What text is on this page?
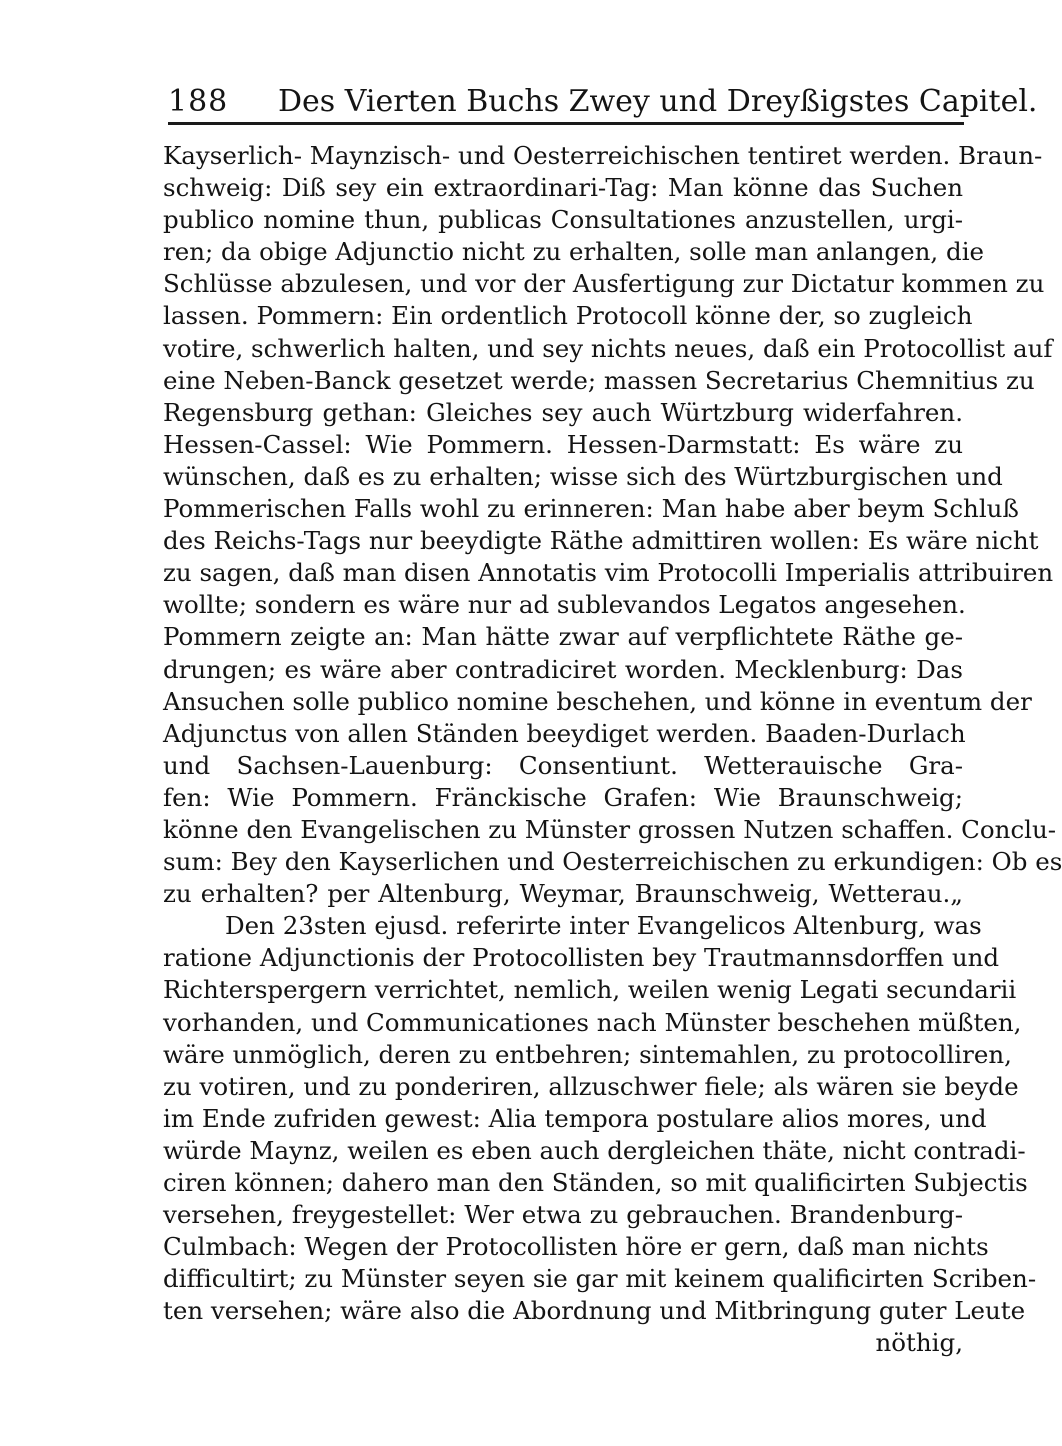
188 Des Vierten Buchs Zwey und Dreyßigstes Capitel.
Kayserlich- Maynzisch- und Oesterreichischen tentiret werden. Braun-
schweig: Diß sey ein extraordinari-Tag: Man könne das Suchen
publico nomine thun, publicas Consultationes anzustellen, urgi-
ren; da obige Adjunctio nicht zu erhalten, solle man anlangen, die
Schlüsse abzulesen, und vor der Ausfertigung zur Dictatur kommen zu
lassen. Pommern: Ein ordentlich Protocoll könne der, so zugleich
votire, schwerlich halten, und sey nichts neues, daß ein Protocollist auf
eine Neben-Banck gesetzet werde; massen Secretarius Chemnitius zu
Regensburg gethan: Gleiches sey auch Würtzburg widerfahren.
Hessen-Cassel: Wie Pommern. Hessen-Darmstatt: Es wäre zu
wünschen, daß es zu erhalten; wisse sich des Würtzburgischen und
Pommerischen Falls wohl zu erinneren: Man habe aber beym Schluß
des Reichs-Tags nur beeydigte Räthe admittiren wollen: Es wäre nicht
zu sagen, daß man disen Annotatis vim Protocolli Imperialis attribuiren
wollte; sondern es wäre nur ad sublevandos Legatos angesehen.
Pommern zeigte an: Man hätte zwar auf verpflichtete Räthe ge-
drungen; es wäre aber contradiciret worden. Mecklenburg: Das
Ansuchen solle publico nomine beschehen, und könne in eventum der
Adjunctus von allen Ständen beeydiget werden. Baaden-Durlach
und Sachsen-Lauenburg: Consentiunt. Wetterauische Gra-
fen: Wie Pommern. Fränckische Grafen: Wie Braunschweig;
könne den Evangelischen zu Münster grossen Nutzen schaffen. Conclu-
sum: Bey den Kayserlichen und Oesterreichischen zu erkundigen: Ob es
zu erhalten? per Altenburg, Weymar, Braunschweig, Wetterau.„
Den 23sten ejusd. referirte inter Evangelicos Altenburg, was
ratione Adjunctionis der Protocollisten bey Trautmannsdorffen und
Richterspergern verrichtet, nemlich, weilen wenig Legati secundarii
vorhanden, und Communicationes nach Münster beschehen müßten,
wäre unmöglich, deren zu entbehren; sintemahlen, zu protocolliren,
zu votiren, und zu ponderiren, allzuschwer fiele; als wären sie beyde
im Ende zufriden gewest: Alia tempora postulare alios mores, und
würde Maynz, weilen es eben auch dergleichen thäte, nicht contradi-
ciren können; dahero man den Ständen, so mit qualificirten Subjectis
versehen, freygestellet: Wer etwa zu gebrauchen. Brandenburg-
Culmbach: Wegen der Protocollisten höre er gern, daß man nichts
difficultirt; zu Münster seyen sie gar mit keinem qualificirten Scriben-
ten versehen; wäre also die Abordnung und Mitbringung guter Leute
nöthig,
